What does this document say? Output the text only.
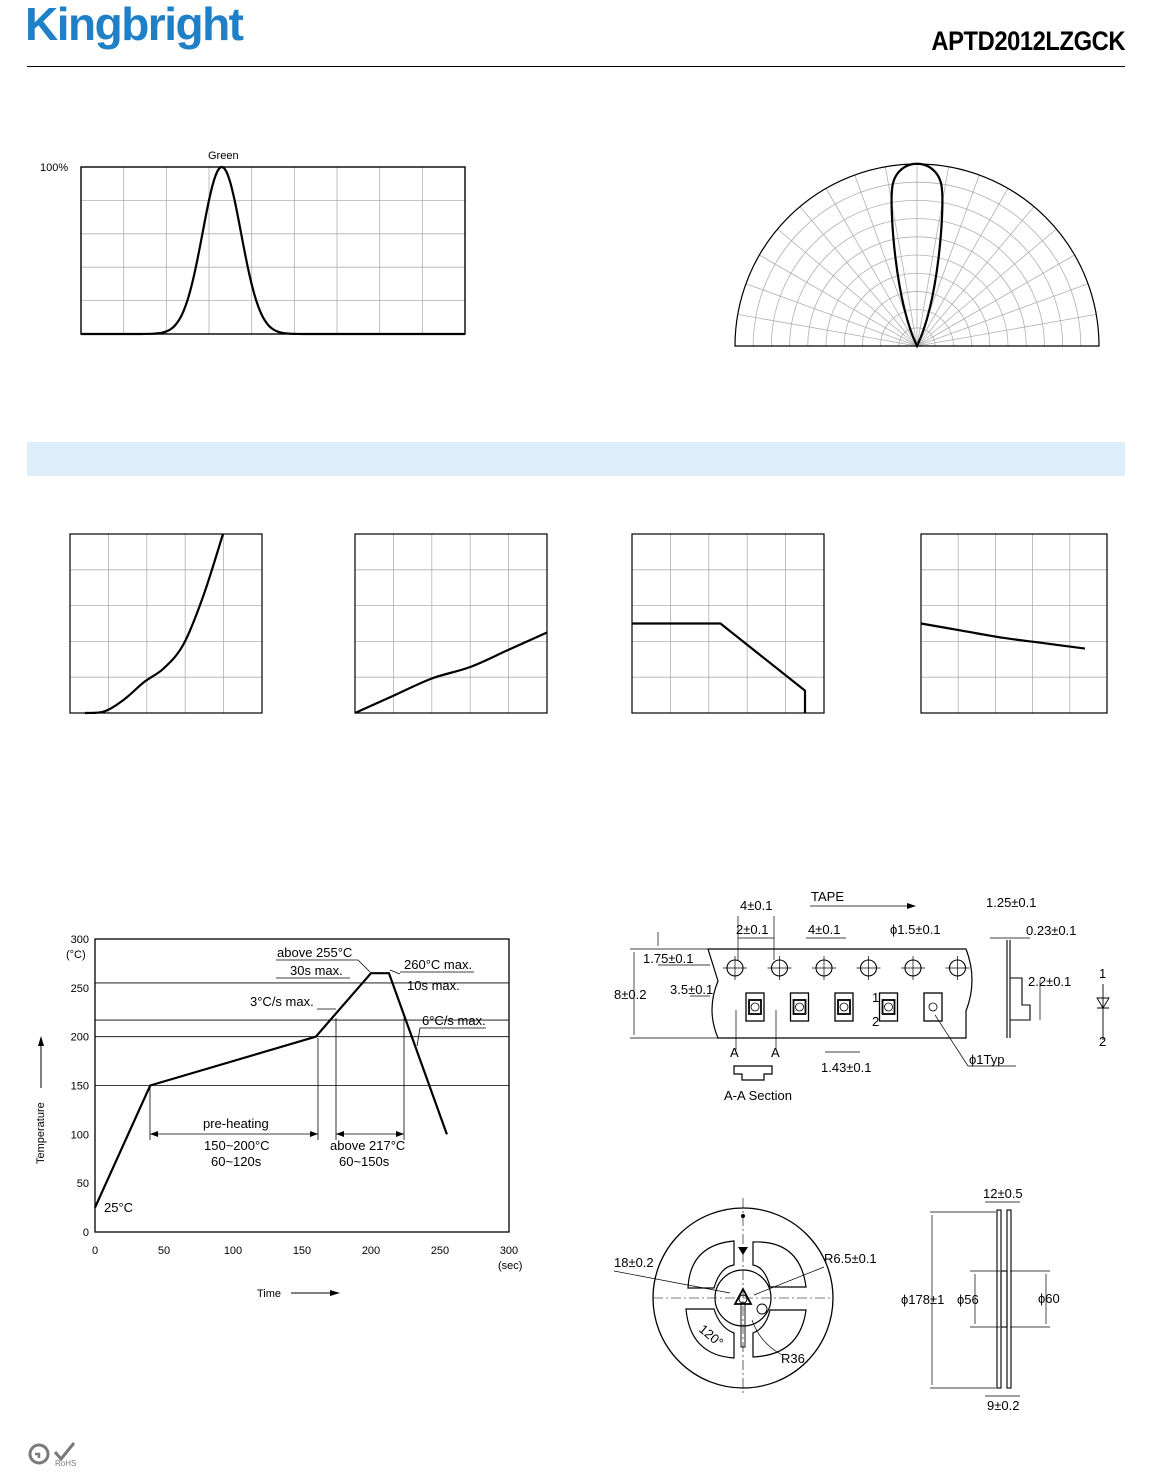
Kingbright	APTD2012LZGCK
Green
100%
300
250
200
150
100
50
0
0	50	100	150	200	250	300
(°C)
(sec)
Temperature
Time
above 255°C
30s max.	260°C max.
10s max.
3°C/s max.
6°C/s max.
pre-heating
150~200°C
60~120s
above 217°C
60~150s
25°C
TAPE
4±0.1
2±0.1	4±0.1	ϕ1.5±0.1
1.25±0.1
0.23±0.1
1.75±0.1
8±0.2 3.5±0.1
2.2±0.1
1.43±0.1
ϕ1Typ
A A
A-A Section
1
2
1
2
18±0.2	R6.5±0.1
120°
R36
12±0.5
ϕ178±1 ϕ56	ϕ60
9±0.2
RoHS
